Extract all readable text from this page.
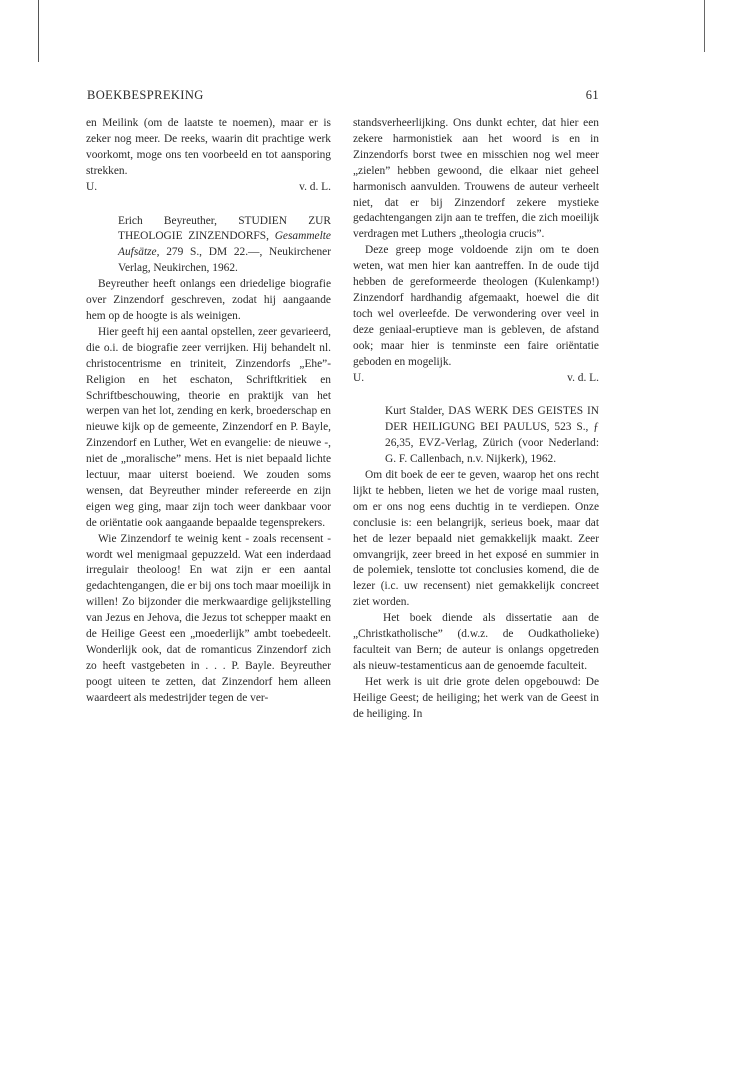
BOEKBESPREKING	61

en Meilink (om de laatste te noemen), maar er is zeker nog meer. De reeks, waarin dit prachtige werk voorkomt, moge ons ten voorbeeld en tot aansporing strekken.

U.	v. d. L.

Erich Beyreuther, STUDIEN ZUR THEOLOGIE ZINZENDORFS, Gesammelte Aufsätze, 279 S., DM 22.—, Neukirchener Verlag, Neukirchen, 1962.

Beyreuther heeft onlangs een driedelige biografie over Zinzendorf geschreven, zodat hij aangaande hem op de hoogte is als weinigen.

Hier geeft hij een aantal opstellen, zeer gevarieerd, die o.i. de biografie zeer verrijken. Hij behandelt nl. christocentrisme en triniteit, Zinzendorfs „Ehe”-Religion en het eschaton, Schriftkritiek en Schriftbeschouwing, theorie en praktijk van het werpen van het lot, zending en kerk, broederschap en nieuwe kijk op de gemeente, Zinzendorf en P. Bayle, Zinzendorf en Luther, Wet en evangelie: de nieuwe -, niet de „moralische” mens. Het is niet bepaald lichte lectuur, maar uiterst boeiend. We zouden soms wensen, dat Beyreuther minder refereerde en zijn eigen weg ging, maar zijn toch weer dankbaar voor de oriëntatie ook aangaande bepaalde tegensprekers.

Wie Zinzendorf te weinig kent - zoals recensent - wordt wel menigmaal gepuzzeld. Wat een inderdaad irregulair theoloog! En wat zijn er een aantal gedachtengangen, die er bij ons toch maar moeilijk in willen! Zo bijzonder die merkwaardige gelijkstelling van Jezus en Jehova, die Jezus tot schepper maakt en de Heilige Geest een „moederlijk” ambt toebedeelt. Wonderlijk ook, dat de romanticus Zinzendorf zich zo heeft vastgebeten in . . . P. Bayle. Beyreuther poogt uiteen te zetten, dat Zinzendorf hem alleen waardeert als medestrijder tegen de ver-

standsverheerlijking. Ons dunkt echter, dat hier een zekere harmonistiek aan het woord is en in Zinzendorfs borst twee en misschien nog wel meer „zielen” hebben gewoond, die elkaar niet geheel harmonisch aanvulden. Trouwens de auteur verheelt niet, dat er bij Zinzendorf zekere mystieke gedachtengangen zijn aan te treffen, die zich moeilijk verdragen met Luthers „theologia crucis”.

Deze greep moge voldoende zijn om te doen weten, wat men hier kan aantreffen. In de oude tijd hebben de gereformeerde theologen (Kulenkamp!) Zinzendorf hardhandig afgemaakt, hoewel die dit toch wel overleefde. De verwondering over veel in deze geniaal-eruptieve man is gebleven, de afstand ook; maar hier is tenminste een faire oriëntatie geboden en mogelijk.

U.	v. d. L.

Kurt Stalder, DAS WERK DES GEISTES IN DER HEILIGUNG BEI PAULUS, 523 S., ƒ 26,35, EVZ-Verlag, Zürich (voor Nederland: G. F. Callenbach, n.v. Nijkerk), 1962.

Om dit boek de eer te geven, waarop het ons recht lijkt te hebben, lieten we het de vorige maal rusten, om er ons nog eens duchtig in te verdiepen. Onze conclusie is: een belangrijk, serieus boek, maar dat het de lezer bepaald niet gemakkelijk maakt. Zeer omvangrijk, zeer breed in het exposé en summier in de polemiek, tenslotte tot conclusies komend, die de lezer (i.c. uw recensent) niet gemakkelijk concreet ziet worden.

Het boek diende als dissertatie aan de „Christkatholische” (d.w.z. de Oudkatholieke) faculteit van Bern; de auteur is onlangs opgetreden als nieuw-testamenticus aan de genoemde faculteit.

Het werk is uit drie grote delen opgebouwd: De Heilige Geest; de heiliging; het werk van de Geest in de heiliging. In
